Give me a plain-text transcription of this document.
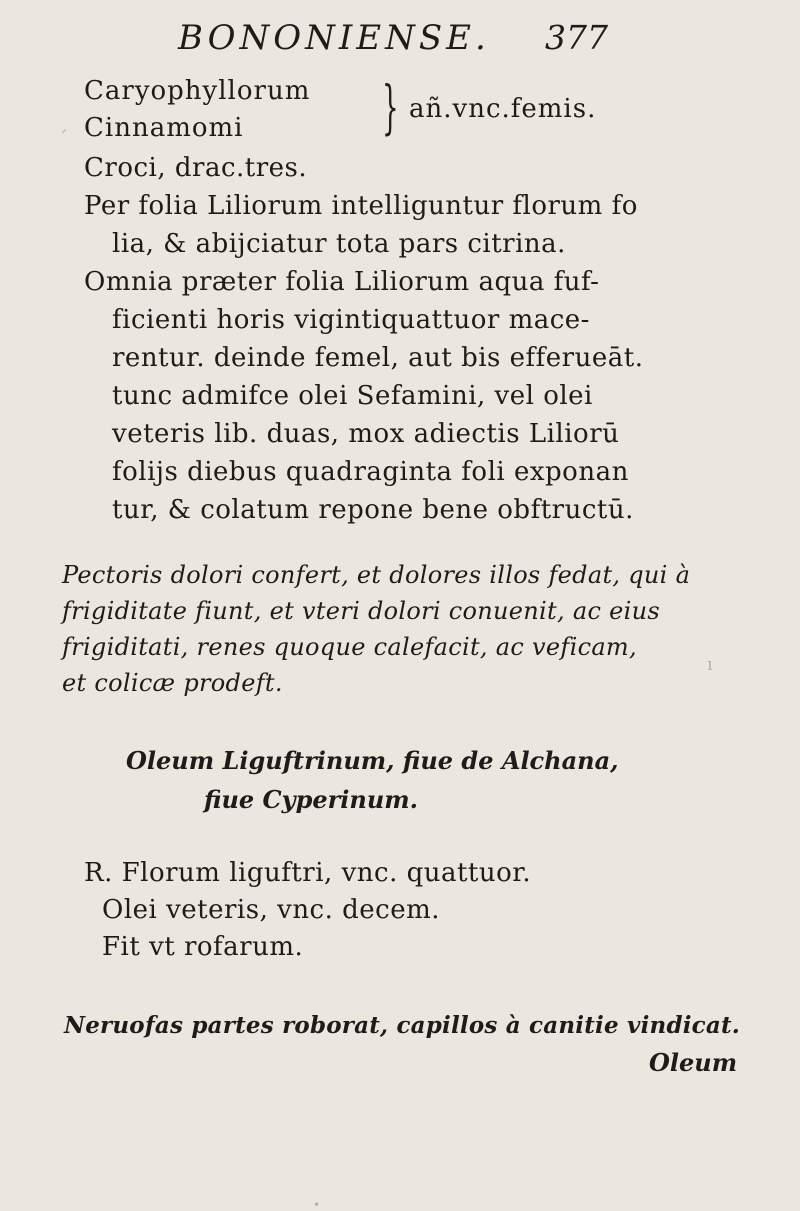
BONONIENSE. 377
Caryophyllorum
Cinnamomi } añ.vnc.femis.
Croci, drac.tres.
Per folia Liliorum intelliguntur florum fo
lia, & abijciatur tota pars citrina.
Omnia præter folia Liliorum aqua fuf-
ficienti horis vigintiquattuor mace-
rentur. deinde femel, aut bis efferueāt.
tunc admifce olei Sefamini, vel olei
veteris lib. duas, mox adiectis Liliorū
folijs diebus quadraginta foli exponan
tur, & colatum repone bene obftructū.
Pectoris dolori confert, et dolores illos fedat, qui à
frigiditate fiunt, et vteri dolori conuenit, ac eius
frigiditati, renes quoque calefacit, ac veficam,
et colicæ prodeft.
Oleum Liguftrinum, fiue de Alchana,
fiue Cyperinum.
R. Florum liguftri, vnc. quattuor.
Olei veteris, vnc. decem.
Fit vt rofarum.
Neruofas partes roborat, capillos à canitie vindicat.
Oleum
´
ı
•
